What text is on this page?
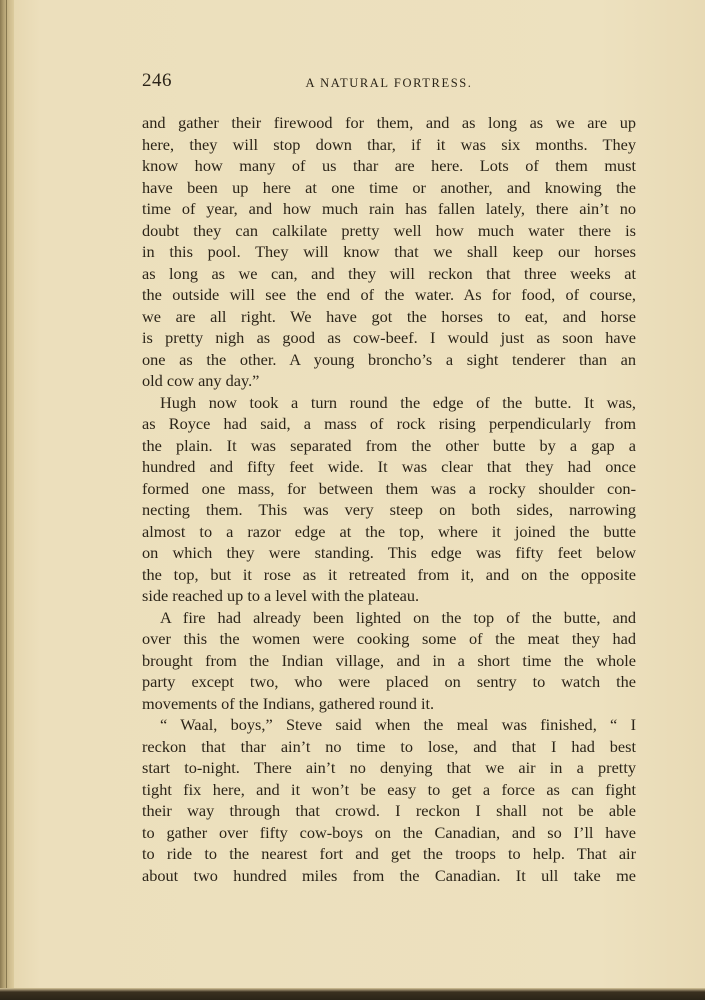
246	A NATURAL FORTRESS.
and gather their firewood for them, and as long as we are up
here, they will stop down thar, if it was six months. They
know how many of us thar are here. Lots of them must
have been up here at one time or another, and knowing the
time of year, and how much rain has fallen lately, there ain’t no
doubt they can calkilate pretty well how much water there is
in this pool. They will know that we shall keep our horses
as long as we can, and they will reckon that three weeks at
the outside will see the end of the water. As for food, of course,
we are all right. We have got the horses to eat, and horse
is pretty nigh as good as cow-beef. I would just as soon have
one as the other. A young broncho’s a sight tenderer than an
old cow any day.”
Hugh now took a turn round the edge of the butte. It was,
as Royce had said, a mass of rock rising perpendicularly from
the plain. It was separated from the other butte by a gap a
hundred and fifty feet wide. It was clear that they had once
formed one mass, for between them was a rocky shoulder con-
necting them. This was very steep on both sides, narrowing
almost to a razor edge at the top, where it joined the butte
on which they were standing. This edge was fifty feet below
the top, but it rose as it retreated from it, and on the opposite
side reached up to a level with the plateau.
A fire had already been lighted on the top of the butte, and
over this the women were cooking some of the meat they had
brought from the Indian village, and in a short time the whole
party except two, who were placed on sentry to watch the
movements of the Indians, gathered round it.
“ Waal, boys,” Steve said when the meal was finished, “ I
reckon that thar ain’t no time to lose, and that I had best
start to-night. There ain’t no denying that we air in a pretty
tight fix here, and it won’t be easy to get a force as can fight
their way through that crowd. I reckon I shall not be able
to gather over fifty cow-boys on the Canadian, and so I’ll have
to ride to the nearest fort and get the troops to help. That air
about two hundred miles from the Canadian. It ull take me
